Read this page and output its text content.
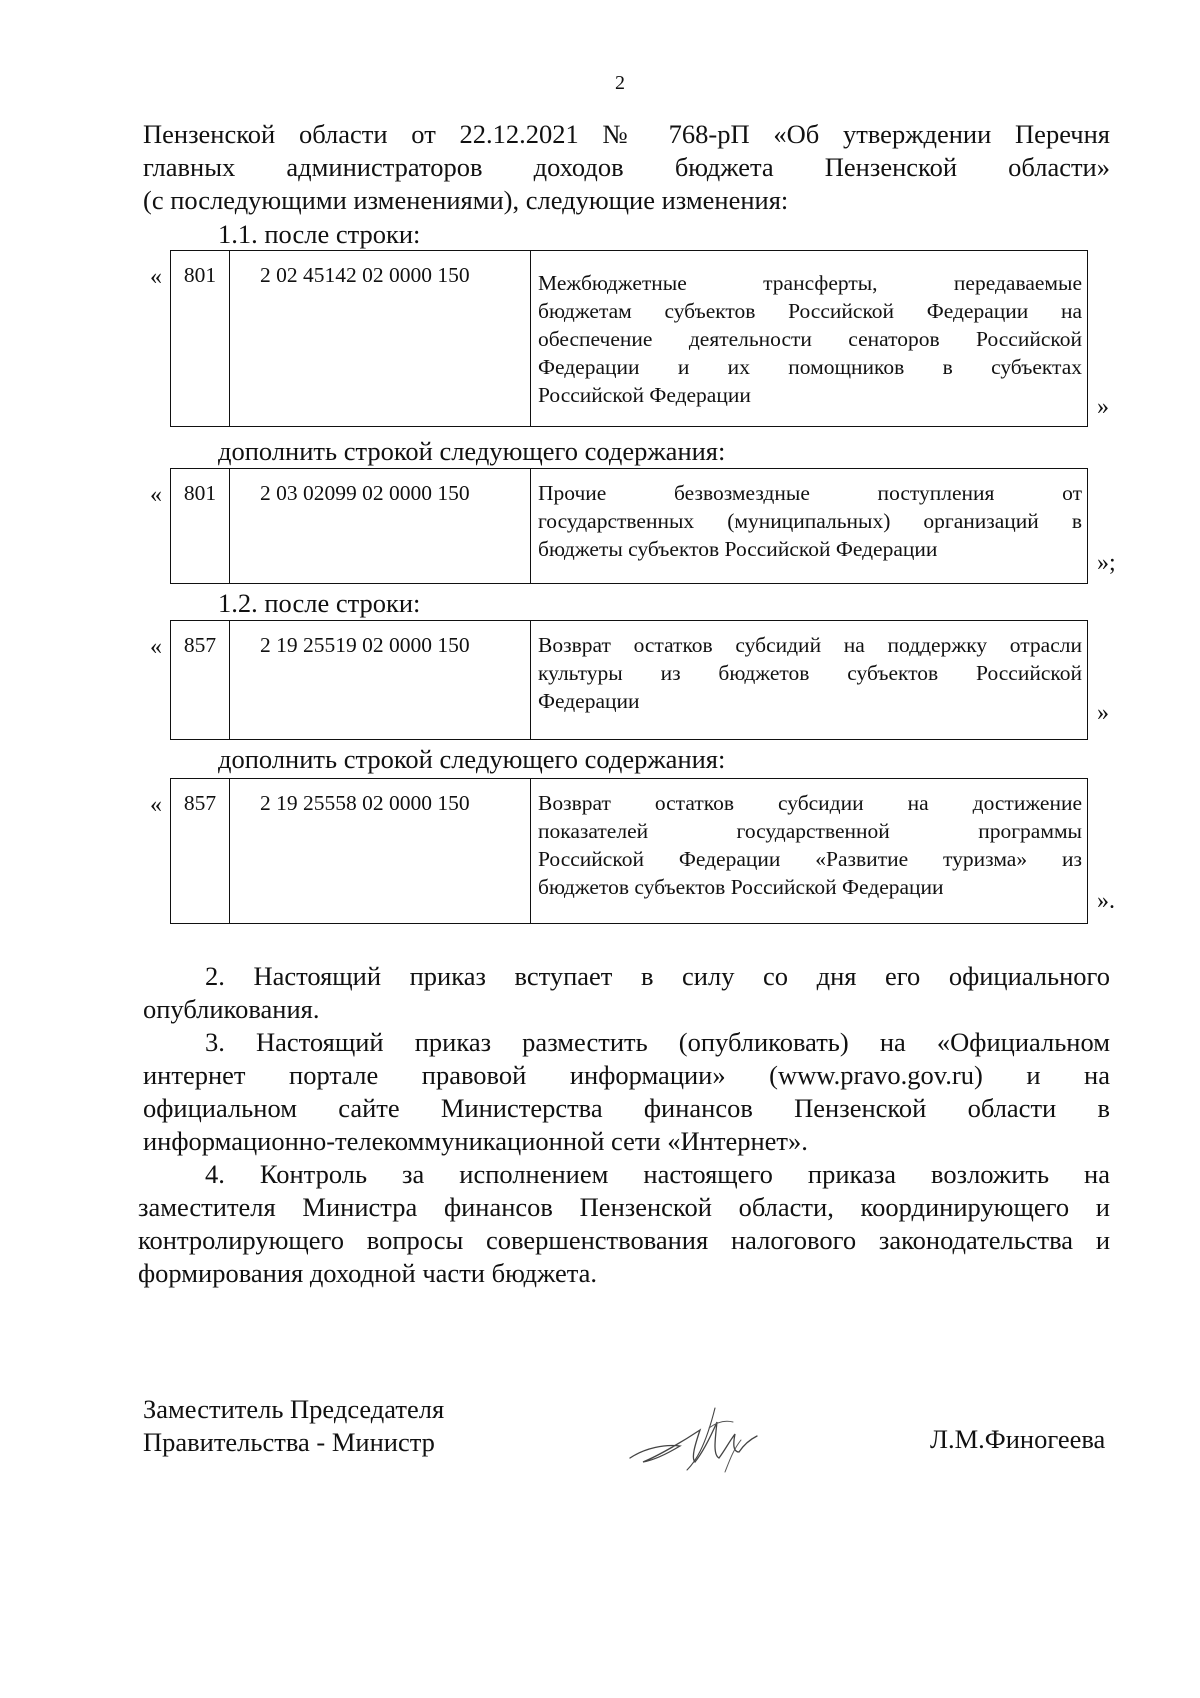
2
Пензенской области от 22.12.2021 № 768-рП «Об утверждении Перечня
главных администраторов доходов бюджета Пензенской области»
(с последующими изменениями), следующие изменения:
1.1. после строки:
«	801	2 02 45142 02 0000 150	Межбюджетные трансферты, передаваемые
бюджетам субъектов Российской Федерации на
обеспечение деятельности сенаторов Российской
Федерации и их помощников в субъектах
Российской Федерации	»
дополнить строкой следующего содержания:
«	801	2 03 02099 02 0000 150	Прочие безвозмездные поступления от
государственных (муниципальных) организаций в
бюджеты субъектов Российской Федерации
»;
1.2. после строки:
«	857	2 19 25519 02 0000 150	Возврат остатков субсидий на поддержку отрасли
культуры из бюджетов субъектов Российской
Федерации	»
дополнить строкой следующего содержания:
«	857	2 19 25558 02 0000 150	Возврат остатков субсидии на достижение
показателей государственной программы
Российской Федерации «Развитие туризма» из
бюджетов субъектов Российской Федерации
».
2. Настоящий приказ вступает в силу со дня его официального
опубликования.
3. Настоящий приказ разместить (опубликовать) на «Официальном
интернет портале правовой информации» (www.pravo.gov.ru) и на
официальном сайте Министерства финансов Пензенской области в
информационно-телекоммуникационной сети «Интернет».
4. Контроль за исполнением настоящего приказа возложить на
заместителя Министра финансов Пензенской области, координирующего и
контролирующего вопросы совершенствования налогового законодательства и
формирования доходной части бюджета.
Заместитель Председателя
Правительства - Министр	Л.М.Финогеева
